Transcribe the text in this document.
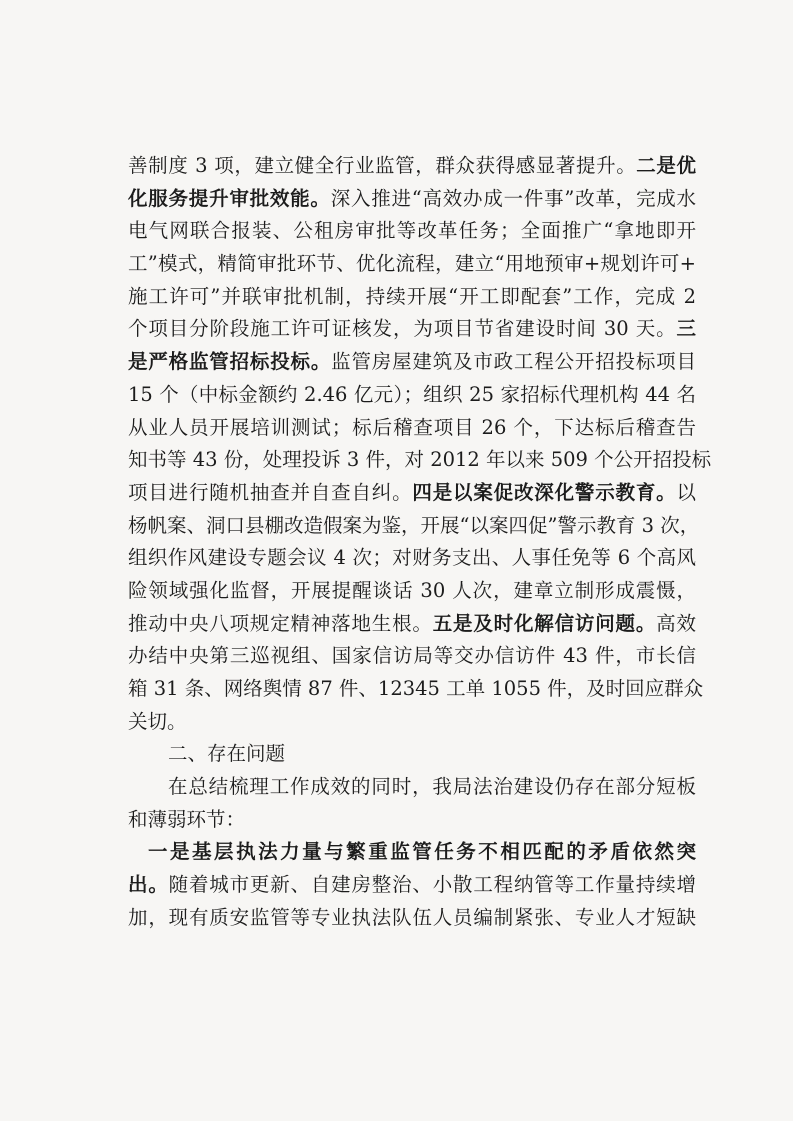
善制度 3 项，建立健全行业监管，群众获得感显著提升。二是优
化服务提升审批效能。深入推进“高效办成一件事”改革，完成水
电气网联合报装、公租房审批等改革任务；全面推广“拿地即开
工”模式，精简审批环节、优化流程，建立“用地预审+规划许可+
施工许可”并联审批机制，持续开展“开工即配套”工作，完成 2
个项目分阶段施工许可证核发，为项目节省建设时间 30 天。三
是严格监管招标投标。监管房屋建筑及市政工程公开招投标项目
15 个（中标金额约 2.46 亿元）；组织 25 家招标代理机构 44 名
从业人员开展培训测试；标后稽查项目 26 个，下达标后稽查告
知书等 43 份，处理投诉 3 件，对 2012 年以来 509 个公开招投标
项目进行随机抽查并自查自纠。四是以案促改深化警示教育。以
杨帆案、洞口县棚改造假案为鉴，开展“以案四促”警示教育 3 次，
组织作风建设专题会议 4 次；对财务支出、人事任免等 6 个高风
险领域强化监督，开展提醒谈话 30 人次，建章立制形成震慑，
推动中央八项规定精神落地生根。五是及时化解信访问题。高效
办结中央第三巡视组、国家信访局等交办信访件 43 件，市长信
箱 31 条、网络舆情 87 件、12345 工单 1055 件，及时回应群众
关切。
二、存在问题
在总结梳理工作成效的同时，我局法治建设仍存在部分短板
和薄弱环节：
一是基层执法力量与繁重监管任务不相匹配的矛盾依然突
出。随着城市更新、自建房整治、小散工程纳管等工作量持续增
加，现有质安监管等专业执法队伍人员编制紧张、专业人才短缺
